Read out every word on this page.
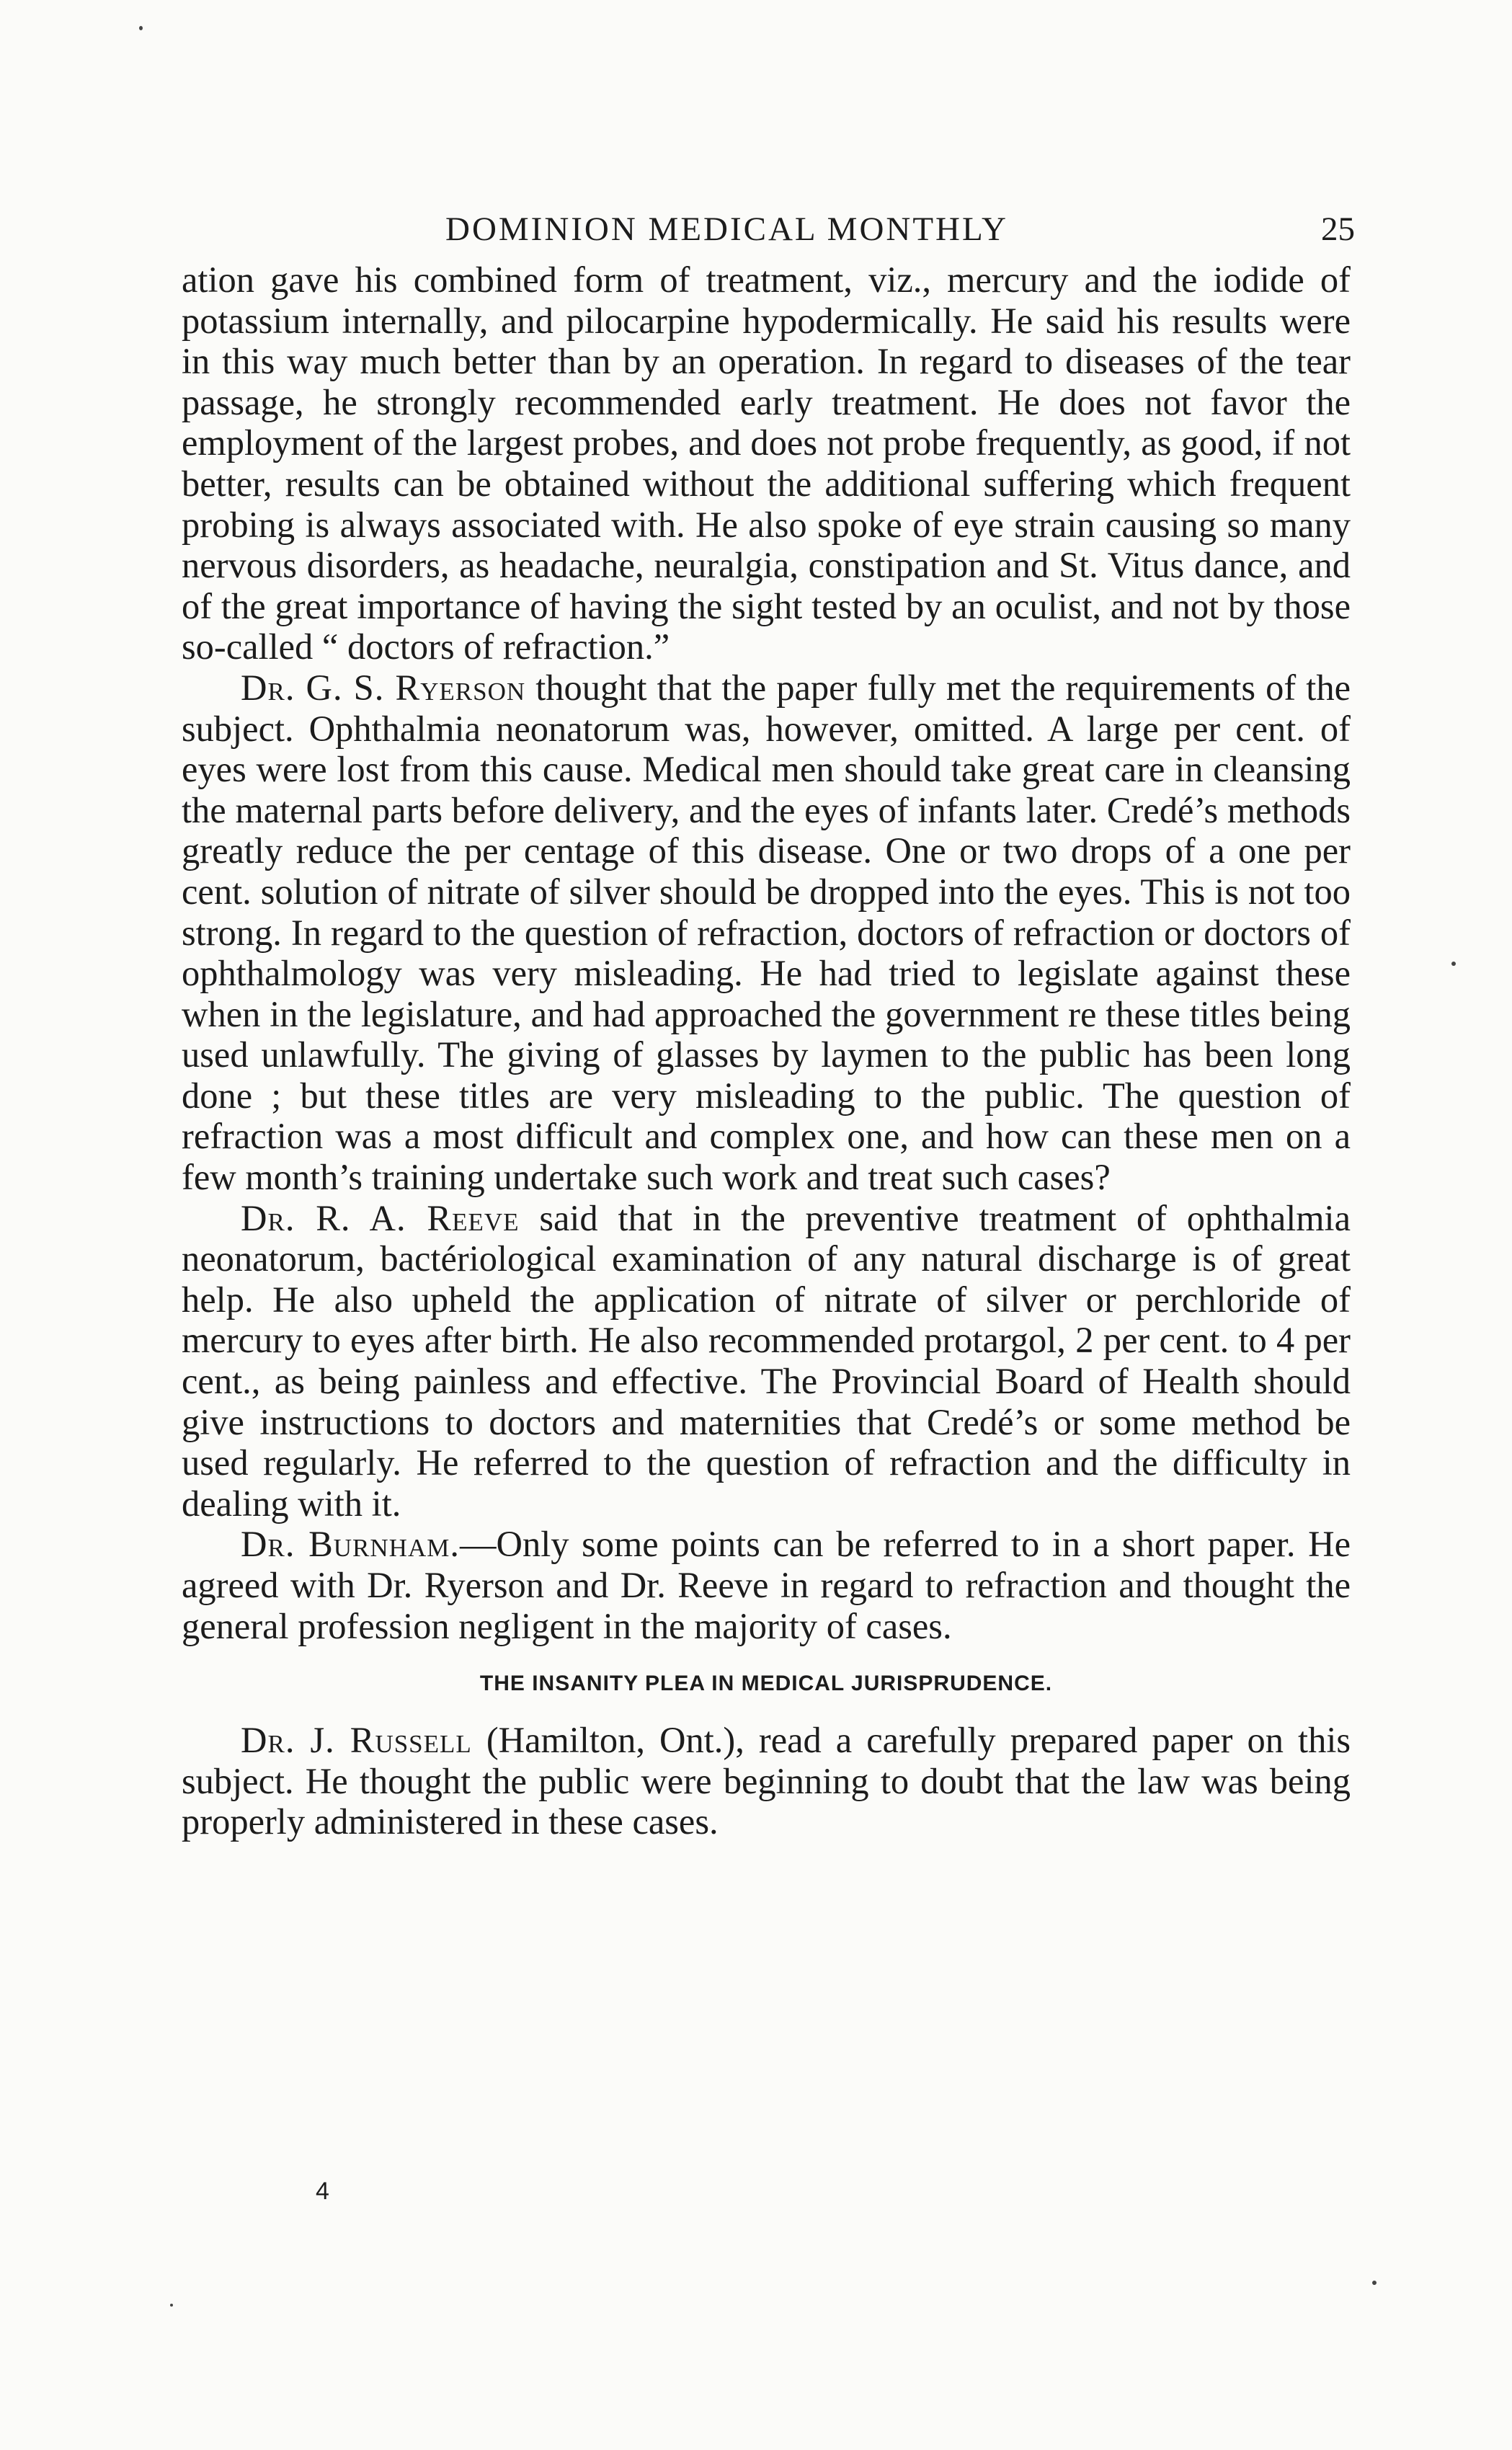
DOMINION MEDICAL MONTHLY	25

ation gave his combined form of treatment, viz., mercury and the iodide of potassium internally, and pilocarpine hypodermically. He said his results were in this way much better than by an operation. In regard to diseases of the tear passage, he strongly recommended early treatment. He does not favor the employment of the largest probes, and does not probe frequently, as good, if not better, results can be obtained without the additional suffering which frequent probing is always associated with. He also spoke of eye strain causing so many nervous disorders, as headache, neuralgia, constipation and St. Vitus dance, and of the great importance of having the sight tested by an oculist, and not by those so-called “ doctors of refraction.”

Dr. G. S. Ryerson thought that the paper fully met the requirements of the subject. Ophthalmia neonatorum was, however, omitted. A large per cent. of eyes were lost from this cause. Medical men should take great care in cleansing the maternal parts before delivery, and the eyes of infants later. Credé’s methods greatly reduce the per centage of this disease. One or two drops of a one per cent. solution of nitrate of silver should be dropped into the eyes. This is not too strong. In regard to the question of refraction, doctors of refraction or doctors of ophthalmology was very misleading. He had tried to legislate against these when in the legislature, and had approached the government re these titles being used unlawfully. The giving of glasses by laymen to the public has been long done ; but these titles are very misleading to the public. The question of refraction was a most difficult and complex one, and how can these men on a few month’s training undertake such work and treat such cases?

Dr. R. A. Reeve said that in the preventive treatment of ophthalmia neonatorum, bactériological examination of any natural discharge is of great help. He also upheld the application of nitrate of silver or perchloride of mercury to eyes after birth. He also recommended protargol, 2 per cent. to 4 per cent., as being painless and effective. The Provincial Board of Health should give instructions to doctors and maternities that Credé’s or some method be used regularly. He referred to the question of refraction and the difficulty in dealing with it.

Dr. Burnham.—Only some points can be referred to in a short paper. He agreed with Dr. Ryerson and Dr. Reeve in regard to refraction and thought the general profession negligent in the majority of cases.

THE INSANITY PLEA IN MEDICAL JURISPRUDENCE.

Dr. J. Russell (Hamilton, Ont.), read a carefully prepared paper on this subject. He thought the public were beginning to doubt that the law was being properly administered in these cases.

4
